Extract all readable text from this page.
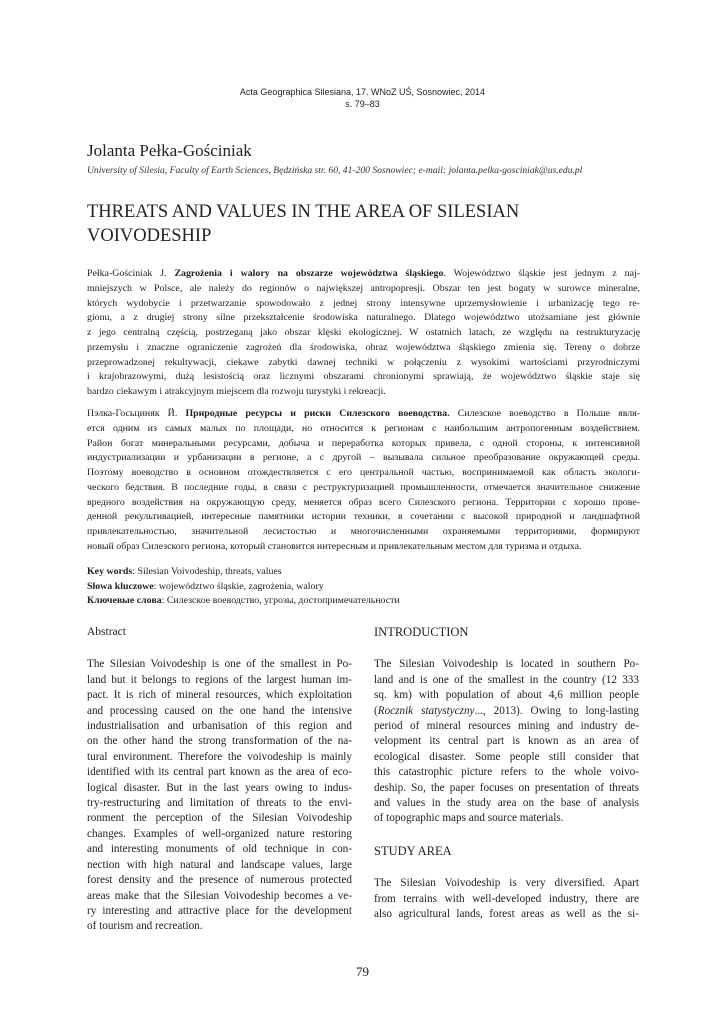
Acta Geographica Silesiana, 17. WNoZ UŚ, Sosnowiec, 2014
s. 79–83
Jolanta Pełka-Gościniak
University of Silesia, Faculty of Earth Sciences, Będzińska str. 60, 41-200 Sosnowiec; e-mail: jolanta.pelka-gosciniak@us.edu.pl
THREATS AND VALUES IN THE AREA OF SILESIAN
VOIVODESHIP
Pełka-Gościniak J. Zagrożenia i walory na obszarze województwa śląskiego. Województwo śląskie jest jednym z naj-
mniejszych w Polsce, ale należy do regionów o największej antropopresji. Obszar ten jest bogaty w surowce mineralne,
których wydobycie i przetwarzanie spowodowało z jednej strony intensywne uprzemysłowienie i urbanizację tego re-
gionu, a z drugiej strony silne przekształcenie środowiska naturalnego. Dlatego województwo utożsamiane jest głównie
z jego centralną częścią, postrzeganą jako obszar klęski ekologicznej. W ostatnich latach, ze względu na restrukturyzację
przemysłu i znaczne ograniczenie zagrożeń dla środowiska, obraz województwa śląskiego zmienia się. Tereny o dobrze
przeprowadzonej rekultywacji, ciekawe zabytki dawnej techniki w połączeniu z wysokimi wartościami przyrodniczymi
i krajobrazowymi, dużą lesistością oraz licznymi obszarami chronionymi sprawiają, że województwo śląskie staje się
bardzo ciekawym i atrakcyjnym miejscem dla rozwoju turystyki i rekreacji.
Пэлка-Госьциняк Й. Природные ресурсы и риски Силезского воеводства. Силезское воеводство в Польше явля-
ется одним из самых малых по площади, но относится к регионам с наибольшим антропогенным воздействием.
Район богат минеральными ресурсами, добыча и переработка которых привела, с одной стороны, к интенсивной
индустриализации и урбанизации в регионе, а с другой – вызывала сильное преобразование окружающей среды.
Поэтому воеводство в основном отождествляется с его центральной частью, воспринимаемой как область экологи-
ческого бедствия. В последние годы, в связи с реструктуризацией промышленности, отмечается значительное снижение
вредного воздействия на окружающую среду, меняется образ всего Силезского региона. Территории с хорошо прове-
денной рекультивацией, интересные памятники истории техники, в сочетании с высокой природной и ландшафтной
привлекательностью, значительной лесистостью и многочисленными охраняемыми территориями, формируют
новый образ Силезского региона, который становится интересным и привлекательным местом для туризма и отдыха.
Key words: Silesian Voivodeship, threats, values
Słowa kluczowe: województwo śląskie, zagrożenia, walory
Ключевые слова: Силезское воеводство, угрозы, достопримечательности
Abstract
The Silesian Voivodeship is one of the smallest in Po-
land but it belongs to regions of the largest human im-
pact. It is rich of mineral resources, which exploitation
and processing caused on the one hand the intensive
industrialisation and urbanisation of this region and
on the other hand the strong transformation of the na-
tural environment. Therefore the voivodeship is mainly
identified with its central part known as the area of eco-
logical disaster. But in the last years owing to indus-
try-restructuring and limitation of threats to the envi-
ronment the perception of the Silesian Voivodeship
changes. Examples of well-organized nature restoring
and interesting monuments of old technique in con-
nection with high natural and landscape values, large
forest density and the presence of numerous protected
areas make that the Silesian Voivodeship becomes a ve-
ry interesting and attractive place for the development
of tourism and recreation.
INTRODUCTION
The Silesian Voivodeship is located in southern Po-
land and is one of the smallest in the country (12 333
sq. km) with population of about 4,6 million people
(Rocznik statystyczny..., 2013). Owing to long-lasting
period of mineral resources mining and industry de-
velopment its central part is known as an area of
ecological disaster. Some people still consider that
this catastrophic picture refers to the whole voivo-
deship. So, the paper focuses on presentation of threats
and values in the study area on the base of analysis
of topographic maps and source materials.
STUDY AREA
The Silesian Voivodeship is very diversified. Apart
from terrains with well-developed industry, there are
also agricultural lands, forest areas as well as the si-
79
